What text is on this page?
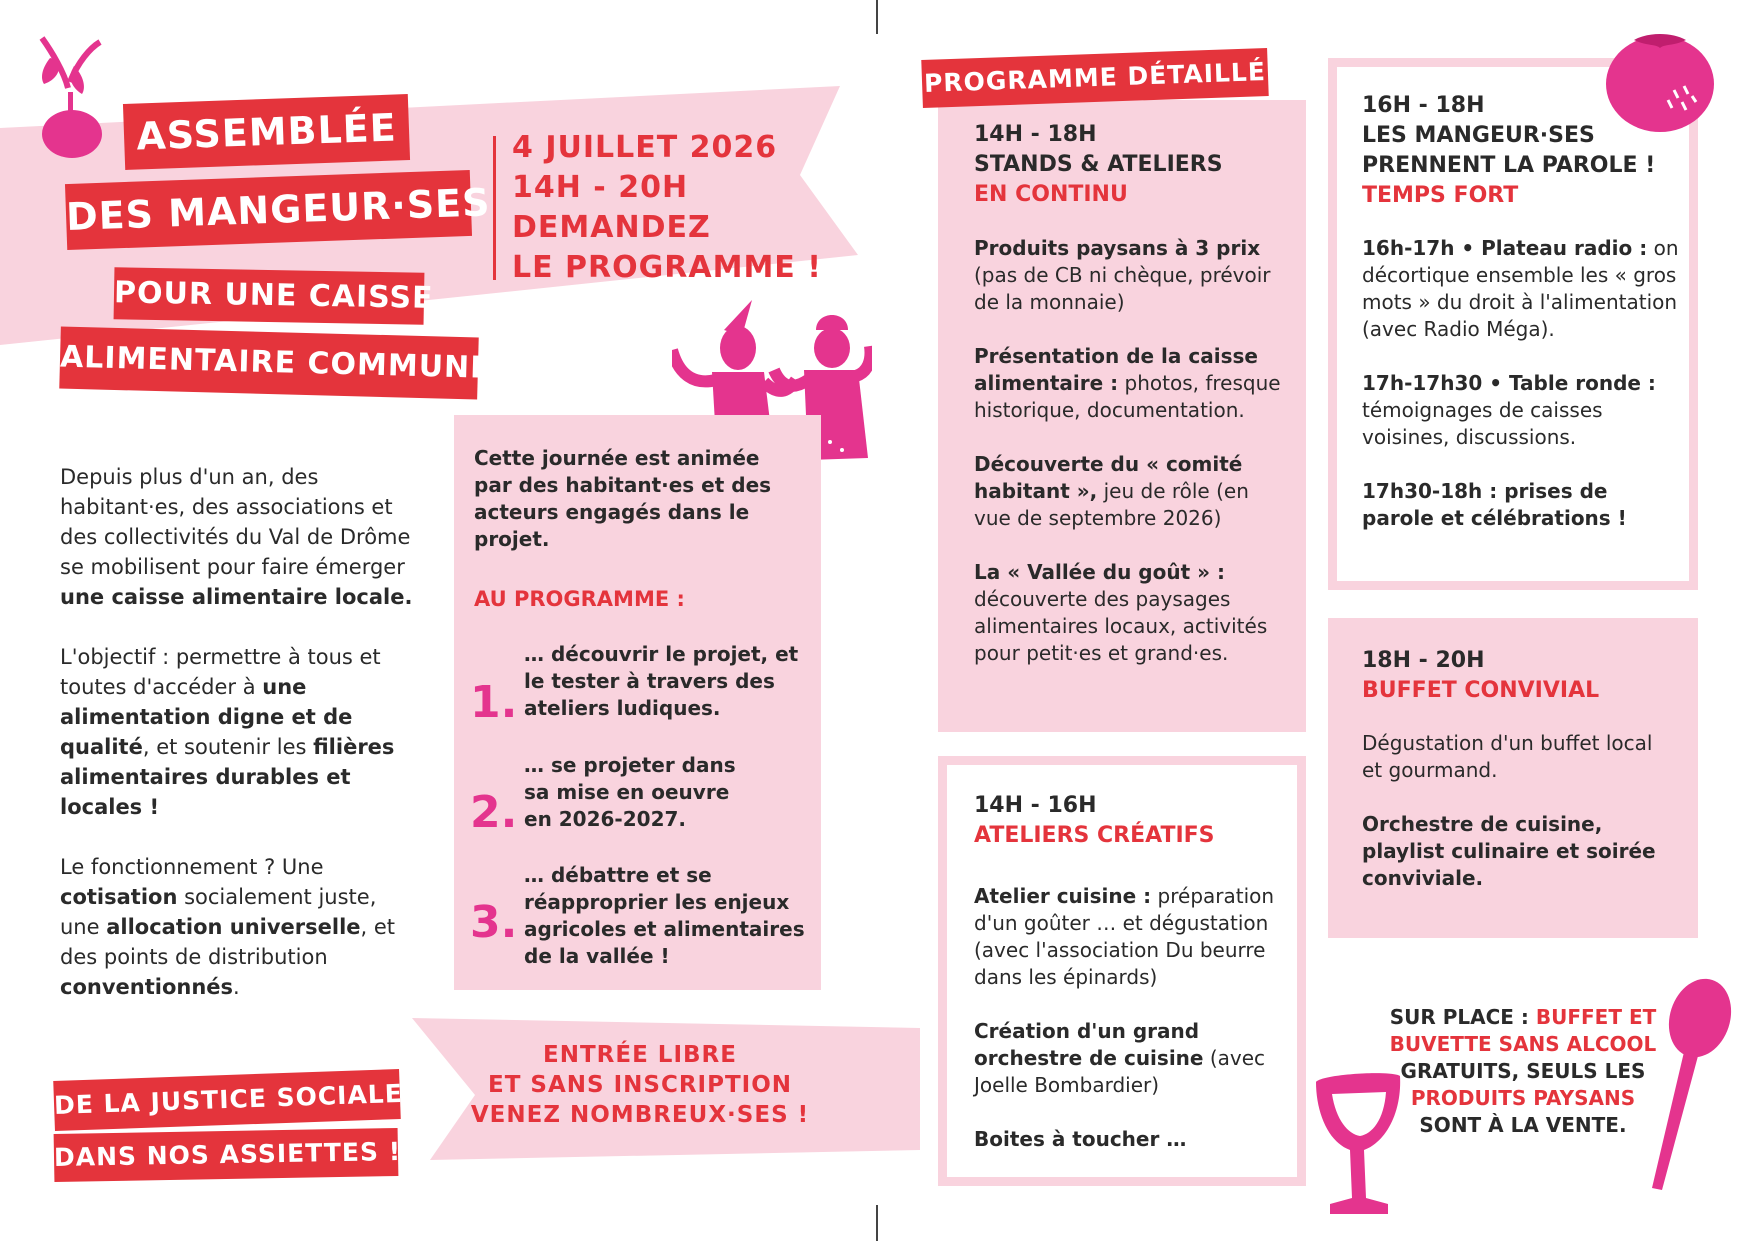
ASSEMBLÉE
DES MANGEUR·SES
POUR UNE CAISSE
ALIMENTAIRE COMMUNE
4 JUILLET 2026
14H - 20H
DEMANDEZ
LE PROGRAMME !

Depuis plus d'un an, des habitant·es, des associations et des collectivités du Val de Drôme se mobilisent pour faire émerger une caisse alimentaire locale.

L'objectif : permettre à tous et toutes d'accéder à une alimentation digne et de qualité, et soutenir les filières alimentaires durables et locales !

Le fonctionnement ? Une cotisation socialement juste, une allocation universelle, et des points de distribution conventionnés.

Cette journée est animée par des habitant·es et des acteurs engagés dans le projet.
AU PROGRAMME :
1.
… découvrir le projet, et le tester à travers des ateliers ludiques.
2.
… se projeter dans sa mise en oeuvre en 2026-2027.
3.
… débattre et se réapproprier les enjeux agricoles et alimentaires de la vallée !
ENTRÉE LIBRE
ET SANS INSCRIPTION
VENEZ NOMBREUX·SES !
DE LA JUSTICE SOCIALE
DANS NOS ASSIETTES !
14H - 18H
STANDS & ATELIERS
EN CONTINU

Produits paysans à 3 prix (pas de CB ni chèque, prévoir de la monnaie)

Présentation de la caisse alimentaire : photos, fresque historique, documentation.

Découverte du « comité habitant », jeu de rôle (en vue de septembre 2026)

La « Vallée du goût » : découverte des paysages alimentaires locaux, activités pour petit·es et grand·es.

PROGRAMME DÉTAILLÉ
14H - 16H
ATELIERS CRÉATIFS

Atelier cuisine : préparation d'un goûter … et dégustation (avec l'association Du beurre dans les épinards)

Création d'un grand orchestre de cuisine (avec Joelle Bombardier)

Boites à toucher …

16H - 18H
LES MANGEUR·SES PRENNENT LA PAROLE !
TEMPS FORT

16h-17h • Plateau radio : on décortique ensemble les « gros mots » du droit à l'alimentation (avec Radio Méga).

17h-17h30 • Table ronde : témoignages de caisses voisines, discussions.

17h30-18h : prises de parole et célébrations !

18H - 20H
BUFFET CONVIVIAL

Dégustation d'un buffet local et gourmand.

Orchestre de cuisine, playlist culinaire et soirée conviviale.

SUR PLACE : BUFFET ET BUVETTE SANS ALCOOL GRATUITS, SEULS LES PRODUITS PAYSANS SONT À LA VENTE.
